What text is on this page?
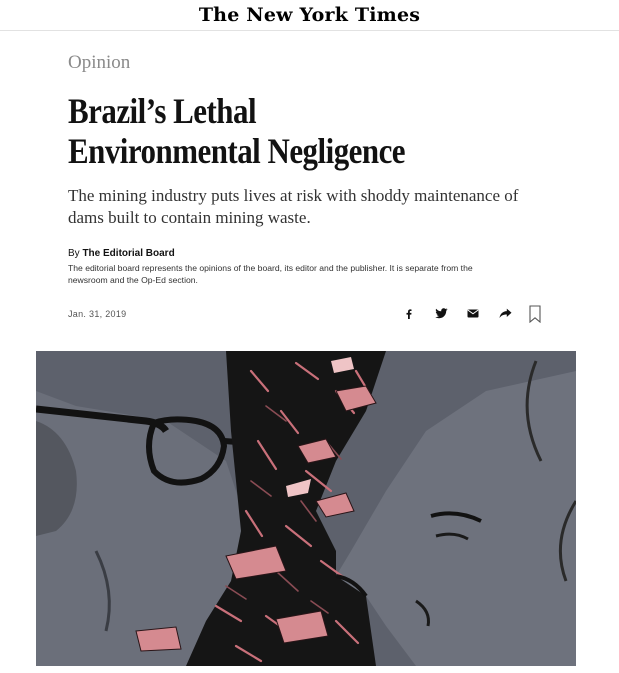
The New York Times

Opinion

Brazil’s Lethal
Environmental Negligence

The mining industry puts lives at risk with shoddy maintenance of dams built to contain mining waste.

By The Editorial Board
The editorial board represents the opinions of the board, its editor and the publisher. It is separate from the newsroom and the Op-Ed section.
Jan. 31, 2019
